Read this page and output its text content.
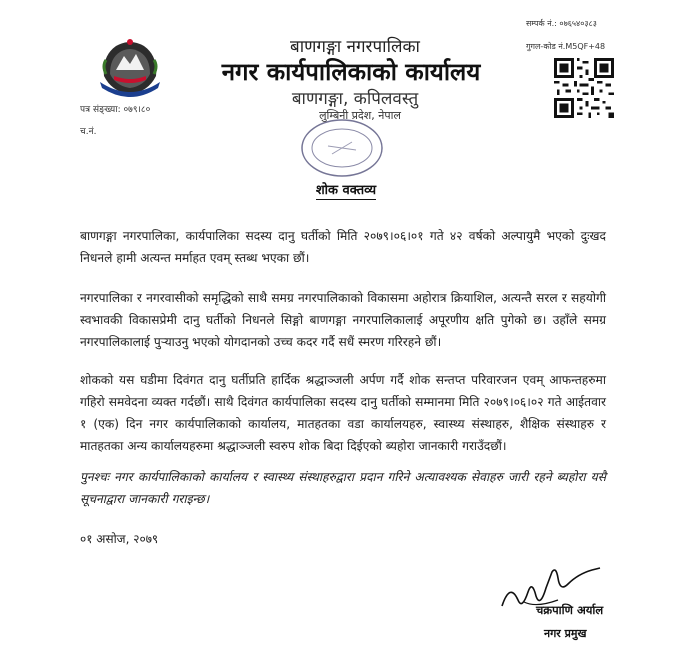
बाणगङ्गा नगरपालिका
नगर कार्यपालिकाको कार्यालय
बाणगङ्गा, कपिलवस्तु
लुम्बिनी प्रदेश, नेपाल
सम्पर्क नं.: ०७६५४०३८३
गुगल-कोड नं.M5QF+48
पत्र संङ्ख्या: ०७९।८०
च.नं.
शोक वक्तव्य

बाणगङ्गा नगरपालिका, कार्यपालिका सदस्य दानु घर्तीको मिति २०७९।०६।०१ गते ४२ वर्षको अल्पायुमै भएको दुःखद निधनले हामी अत्यन्त मर्माहत एवम् स्तब्ध भएका छौं।

नगरपालिका र नगरवासीको समृद्धिको साथै समग्र नगरपालिकाको विकासमा अहोरात्र क्रियाशिल, अत्यन्तै सरल र सहयोगी स्वभावकी विकासप्रेमी दानु घर्तीको निधनले सिङ्गो बाणगङ्गा नगरपालिकालाई अपूरणीय क्षति पुगेको छ। उहाँले समग्र नगरपालिकालाई पुऱ्याउनु भएको योगदानको उच्च कदर गर्दै सधैं स्मरण गरिरहने छौं।

शोकको यस घडीमा दिवंगत दानु घर्तीप्रति हार्दिक श्रद्धाञ्जली अर्पण गर्दै शोक सन्तप्त परिवारजन एवम् आफन्तहरुमा गहिरो समवेदना व्यक्त गर्दछौं। साथै दिवंगत कार्यपालिका सदस्य दानु घर्तीको सम्मानमा मिति २०७९।०६।०२ गते आईतवार १ (एक) दिन नगर कार्यपालिकाको कार्यालय, मातहतका वडा कार्यालयहरु, स्वास्थ्य संस्थाहरु, शैक्षिक संस्थाहरु र मातहतका अन्य कार्यालयहरुमा श्रद्धाञ्जली स्वरुप शोक बिदा दिईएको ब्यहोरा जानकारी गराउँदछौं।

पुनश्चः नगर कार्यपालिकाको कार्यालय र स्वास्थ्य संस्थाहरुद्वारा प्रदान गरिने अत्यावश्यक सेवाहरु जारी रहने ब्यहोरा यसै सूचनाद्वारा जानकारी गराइन्छ।

०१ असोज, २०७९
चक्रपाणि अर्याल
नगर प्रमुख
